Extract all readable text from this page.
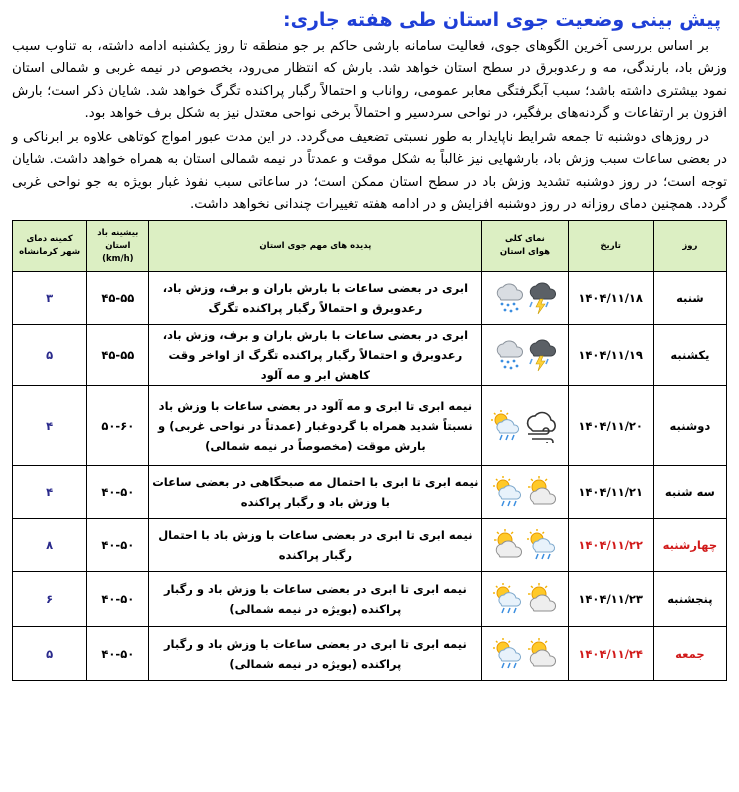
پیش بینی وضعیت جوی استان طی هفته جاری:

بر اساس بررسی آخرین الگوهای جوی، فعالیت سامانه بارشی حاکم بر جو منطقه تا روز یکشنبه ادامه داشته، به تناوب سبب وزش باد، بارندگی، مه و رعدوبرق در سطح استان خواهد شد. بارش که انتظار می‌رود، بخصوص در نیمه غربی و شمالی استان نمود بیشتری داشته باشد؛ سبب آبگرفتگی معابر عمومی، رواناب و احتمالاً رگبار پراکنده تگرگ خواهد شد. شایان ذکر است؛ بارش افزون بر ارتفاعات و گردنه‌های برفگیر، در نواحی سردسیر و احتمالاً برخی نواحی معتدل نیز به شکل برف خواهد بود.

در روزهای دوشنبه تا جمعه شرایط ناپایدار به طور نسبتی تضعیف می‌گردد. در این مدت عبور امواج کوتاهی علاوه بر ابرناکی و در بعضی ساعات سبب وزش باد، بارشهایی نیز غالباً به شکل موقت و عمدتاً در نیمه شمالی استان به همراه خواهد داشت. شایان توجه است؛ در روز دوشنبه تشدید وزش باد در سطح استان ممکن است؛ در ساعاتی سبب نفوذ غبار بویژه به جو نواحی غربی گردد. همچنین دمای روزانه در روز دوشنبه افزایش و در ادامه هفته تغییرات چندانی نخواهد داشت.

روز	تاریخ	نمای کلی هوای استان	پدیده های مهم جوی استان	بیشینه باد استان (km/h)	کمینه دمای شهر کرمانشاه
شنبه	۱۴۰۴/۱۱/۱۸		ابری در بعضی ساعات با بارش باران و برف، وزش باد، رعدوبرق و احتمالاً رگبار پراکنده تگرگ	۴۵-۵۵	۳
یکشنبه	۱۴۰۴/۱۱/۱۹		ابری در بعضی ساعات با بارش باران و برف، وزش باد، رعدوبرق و احتمالاً رگبار پراکنده تگرگ از اواخر وقت کاهش ابر و مه آلود	۴۵-۵۵	۵
دوشنبه	۱۴۰۴/۱۱/۲۰		نیمه ابری تا ابری و مه آلود در بعضی ساعات با وزش باد نسبتاً شدید همراه با گردوغبار (عمدتاً در نواحی غربی) و بارش موقت (مخصوصاً در نیمه شمالی)	۵۰-۶۰	۴
سه شنبه	۱۴۰۴/۱۱/۲۱		نیمه ابری تا ابری با احتمال مه صبحگاهی در بعضی ساعات با وزش باد و رگبار پراکنده	۴۰-۵۰	۴
چهارشنبه	۱۴۰۴/۱۱/۲۲		نیمه ابری تا ابری در بعضی ساعات با وزش باد با احتمال رگبار پراکنده	۴۰-۵۰	۸
پنجشنبه	۱۴۰۴/۱۱/۲۳		نیمه ابری تا ابری در بعضی ساعات با وزش باد و رگبار پراکنده (بویژه در نیمه شمالی)	۴۰-۵۰	۶
جمعه	۱۴۰۴/۱۱/۲۴		نیمه ابری تا ابری در بعضی ساعات با وزش باد و رگبار پراکنده (بویژه در نیمه شمالی)	۴۰-۵۰	۵
